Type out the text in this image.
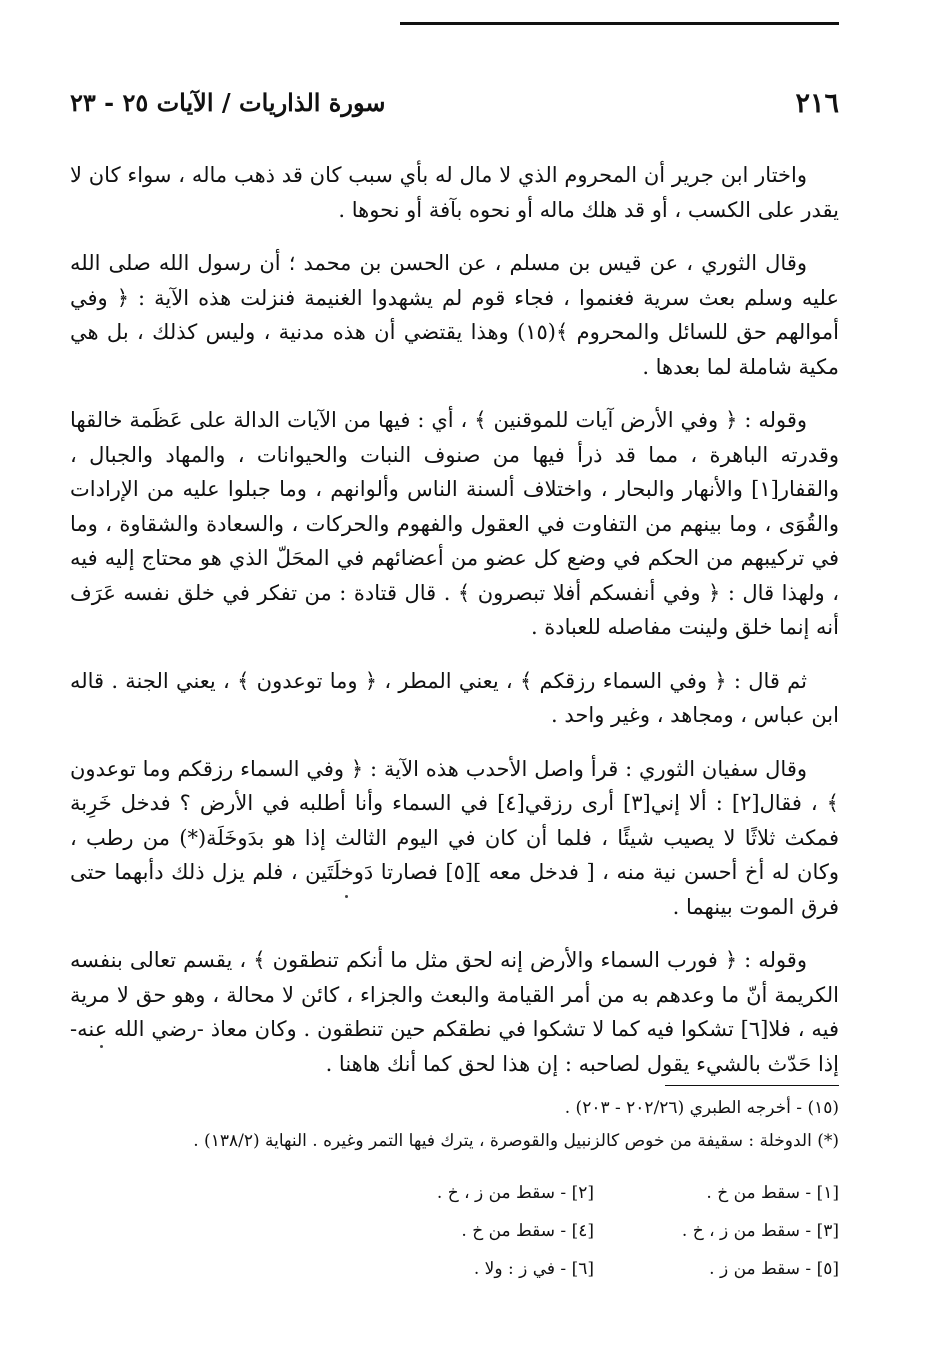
٢١٦
سورة الذاريات / الآيات ٢٥ - ٢٣

واختار ابن جرير أن المحروم الذي لا مال له بأي سبب كان قد ذهب ماله ، سواء كان لا يقدر على الكسب ، أو قد هلك ماله أو نحوه بآفة أو نحوها .

وقال الثوري ، عن قيس بن مسلم ، عن الحسن بن محمد ؛ أن رسول الله صلى الله عليه وسلم بعث سرية فغنموا ، فجاء قوم لم يشهدوا الغنيمة فنزلت هذه الآية : ﴿ وفي أموالهم حق للسائل والمحروم ﴾(١٥) وهذا يقتضي أن هذه مدنية ، وليس كذلك ، بل هي مكية شاملة لما بعدها .

وقوله : ﴿ وفي الأرض آيات للموقنين ﴾ ، أي : فيها من الآيات الدالة على عَظَمة خالقها وقدرته الباهرة ، مما قد ذرأ فيها من صنوف النبات والحيوانات ، والمهاد والجبال ، والقفار[١] والأنهار والبحار ، واختلاف ألسنة الناس وألوانهم ، وما جبلوا عليه من الإرادات والقُوَى ، وما بينهم من التفاوت في العقول والفهوم والحركات ، والسعادة والشقاوة ، وما في تركيبهم من الحكم في وضع كل عضو من أعضائهم في المحَلّ الذي هو محتاج إليه فيه ، ولهذا قال : ﴿ وفي أنفسكم أفلا تبصرون ﴾ . قال قتادة : من تفكر في خلق نفسه عَرَف أنه إنما خلق ولينت مفاصله للعبادة .

ثم قال : ﴿ وفي السماء رزقكم ﴾ ، يعني المطر ، ﴿ وما توعدون ﴾ ، يعني الجنة . قاله ابن عباس ، ومجاهد ، وغير واحد .

وقال سفيان الثوري : قرأ واصل الأحدب هذه الآية : ﴿ وفي السماء رزقكم وما توعدون ﴾ ، فقال[٢] : ألا إني[٣] أرى رزقي[٤] في السماء وأنا أطلبه في الأرض ؟ فدخل خَرِبة فمكث ثلاثًا لا يصيب شيئًا ، فلما أن كان في اليوم الثالث إذا هو بدَوخَلَة(*) من رطب ، وكان له أخ أحسن نية منه ، [ فدخل معه ][٥] فصارتا دَوخلَتَين ، فلم يزل ذلك دأبهما حتى فرق الموت بينهما .

وقوله : ﴿ فورب السماء والأرض إنه لحق مثل ما أنكم تنطقون ﴾ ، يقسم تعالى بنفسه الكريمة أنّ ما وعدهم به من أمر القيامة والبعث والجزاء ، كائن لا محالة ، وهو حق لا مرية فيه ، فلا[٦] تشكوا فيه كما لا تشكوا في نطقكم حين تنطقون . وكان معاذ -رضي الله عنه- إذا حَدّث بالشيء يقول لصاحبه : إن هذا لحق كما أنك هاهنا .

(١٥) - أخرجه الطبري (٢٠٢/٢٦ - ٢٠٣) .
(*) الدوخلة : سقيفة من خوص كالزنبيل والقوصرة ، يترك فيها التمر وغيره . النهاية (١٣٨/٢) .
[١] - سقط من خ .
[٢] - سقط من ز ، خ .
[٣] - سقط من ز ، خ .
[٤] - سقط من خ .
[٥] - سقط من ز .
[٦] - في ز : ولا .
